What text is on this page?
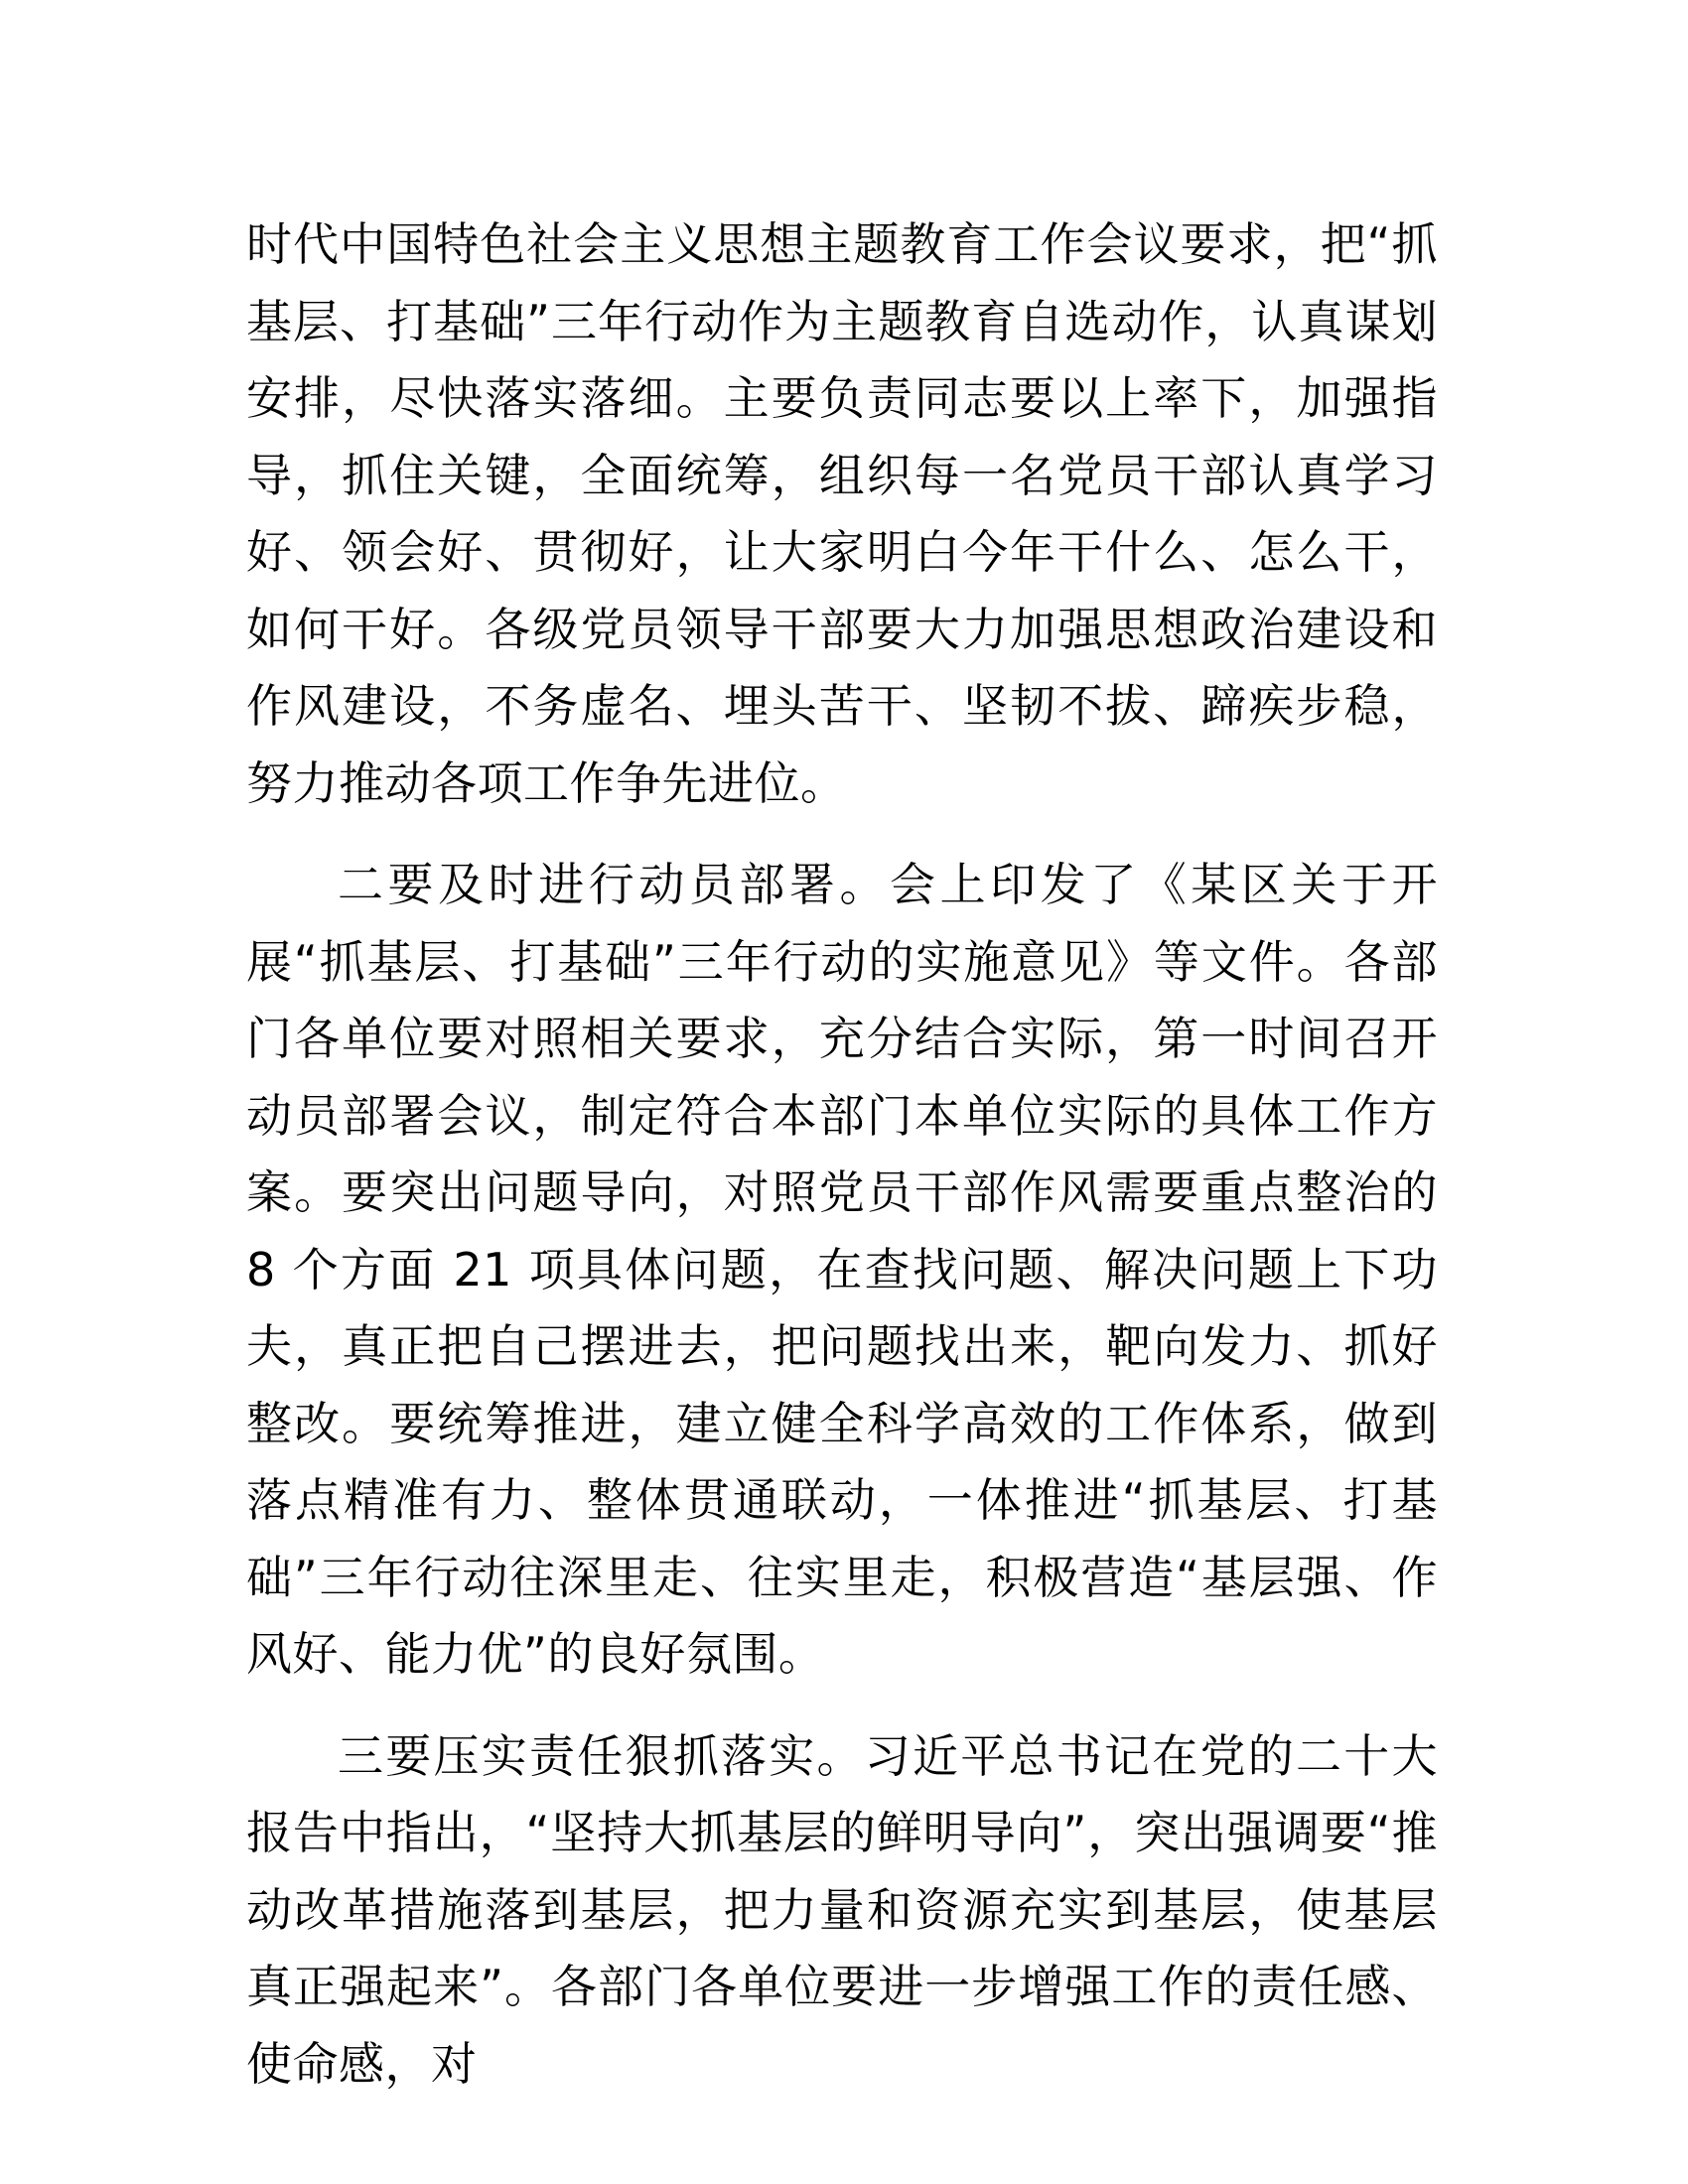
时代中国特色社会主义思想主题教育工作会议要求，把“抓基层、打基础”三年行动作为主题教育自选动作，认真谋划安排，尽快落实落细。主要负责同志要以上率下，加强指导，抓住关键，全面统筹，组织每一名党员干部认真学习好、领会好、贯彻好，让大家明白今年干什么、怎么干，如何干好。各级党员领导干部要大力加强思想政治建设和作风建设，不务虚名、埋头苦干、坚韧不拔、蹄疾步稳，努力推动各项工作争先进位。

二要及时进行动员部署。会上印发了《某区关于开展“抓基层、打基础”三年行动的实施意见》等文件。各部门各单位要对照相关要求，充分结合实际，第一时间召开动员部署会议，制定符合本部门本单位实际的具体工作方案。要突出问题导向，对照党员干部作风需要重点整治的 8 个方面 21 项具体问题，在查找问题、解决问题上下功夫，真正把自己摆进去，把问题找出来，靶向发力、抓好整改。要统筹推进，建立健全科学高效的工作体系，做到落点精准有力、整体贯通联动，一体推进“抓基层、打基础”三年行动往深里走、往实里走，积极营造“基层强、作风好、能力优”的良好氛围。

三要压实责任狠抓落实。习近平总书记在党的二十大报告中指出，“坚持大抓基层的鲜明导向”，突出强调要“推动改革措施落到基层，把力量和资源充实到基层，使基层真正强起来”。各部门各单位要进一步增强工作的责任感、使命感，对
